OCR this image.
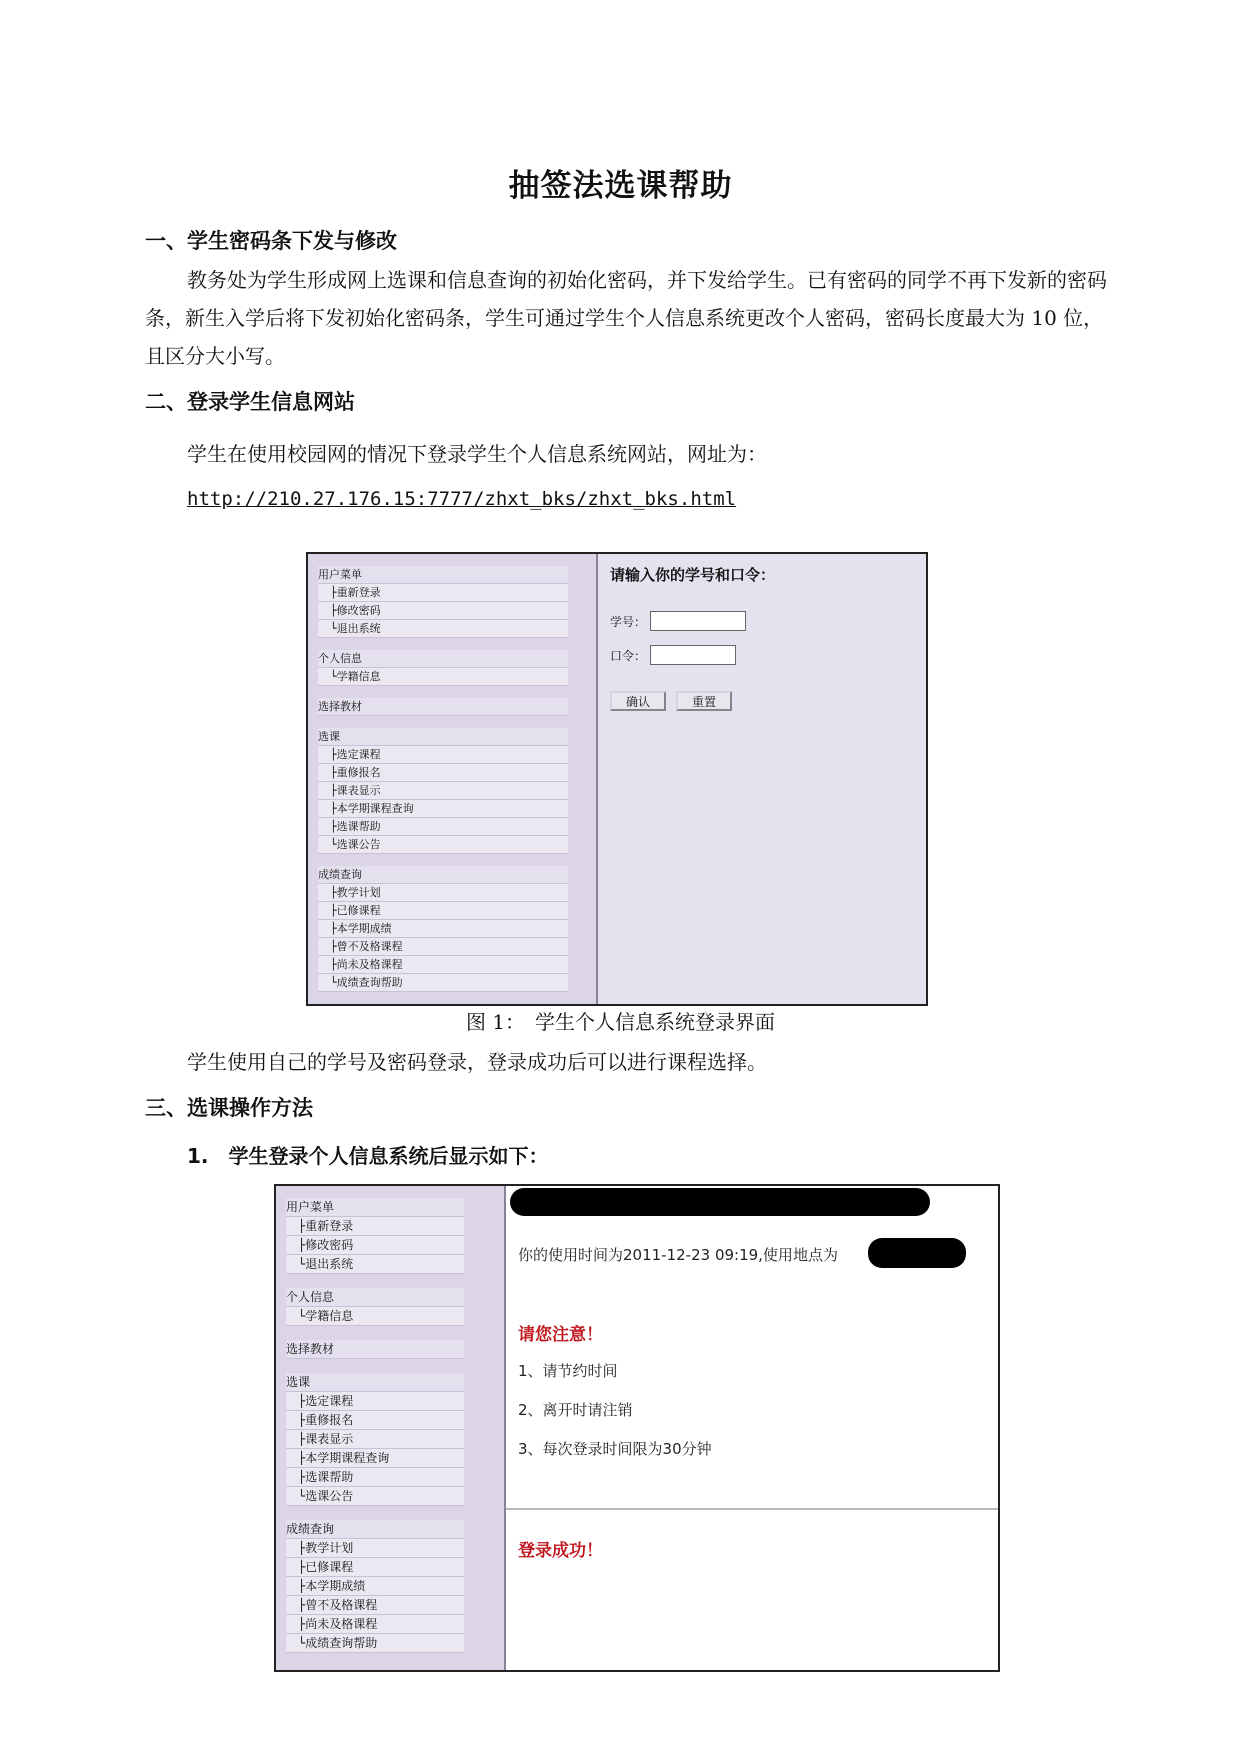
抽签法选课帮助
一、学生密码条下发与修改

教务处为学生形成网上选课和信息查询的初始化密码，并下发给学生。已有密码的同学不再下发新的密码条，新生入学后将下发初始化密码条，学生可通过学生个人信息系统更改个人密码，密码长度最大为 10 位，且区分大小写。

二、登录学生信息网站
学生在使用校园网的情况下登录学生个人信息系统网站，网址为：
http://210.27.176.15:7777/zhxt_bks/zhxt_bks.html
用户菜单
├重新登录
├修改密码
└退出系统
个人信息
└学籍信息
选择教材
选课
├选定课程
├重修报名
├课表显示
├本学期课程查询
├选课帮助
└选课公告
成绩查询
├教学计划
├已修课程
├本学期成绩
├曾不及格课程
├尚未及格课程
└成绩查询帮助
请输入你的学号和口令：
学号：
口令：
确认	重置
图 1：　学生个人信息系统登录界面
学生使用自己的学号及密码登录，登录成功后可以进行课程选择。
三、选课操作方法
1.　学生登录个人信息系统后显示如下：
用户菜单
├重新登录
├修改密码
└退出系统
个人信息
└学籍信息
选择教材
选课
├选定课程
├重修报名
├课表显示
├本学期课程查询
├选课帮助
└选课公告
成绩查询
├教学计划
├已修课程
├本学期成绩
├曾不及格课程
├尚未及格课程
└成绩查询帮助
你的使用时间为2011-12-23 09:19,使用地点为
请您注意！
1、请节约时间
2、离开时请注销
3、每次登录时间限为30分钟
登录成功！
